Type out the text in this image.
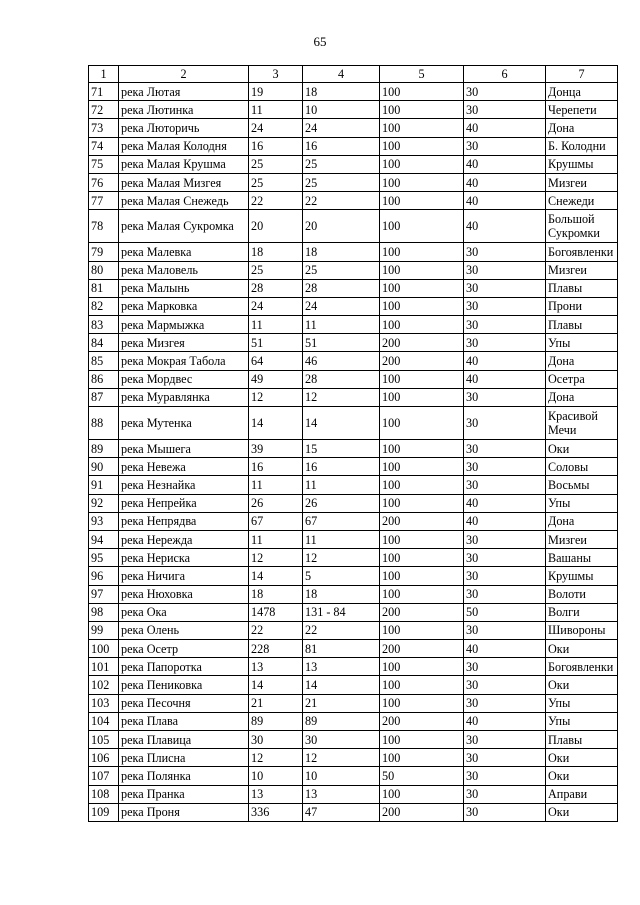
65
1	2	3	4	5	6	7
71	река Лютая	19	18	100	30	Донца
72	река Лютинка	11	10	100	30	Черепети
73	река Люторичь	24	24	100	40	Дона
74	река Малая Колодня	16	16	100	30	Б. Колодни
75	река Малая Крушма	25	25	100	40	Крушмы
76	река Малая Мизгея	25	25	100	40	Мизгеи
77	река Малая Снежедь	22	22	100	40	Снежеди
78	река Малая Сукромка	20	20	100	40	Большой Сукромки
79	река Малевка	18	18	100	30	Богоявленки
80	река Маловель	25	25	100	30	Мизгеи
81	река Малынь	28	28	100	30	Плавы
82	река Марковка	24	24	100	30	Прони
83	река Мармыжка	11	11	100	30	Плавы
84	река Мизгея	51	51	200	30	Упы
85	река Мокрая Табола	64	46	200	40	Дона
86	река Мордвес	49	28	100	40	Осетра
87	река Муравлянка	12	12	100	30	Дона
88	река Мутенка	14	14	100	30	Красивой Мечи
89	река Мышега	39	15	100	30	Оки
90	река Невежа	16	16	100	30	Соловы
91	река Незнайка	11	11	100	30	Восьмы
92	река Непрейка	26	26	100	40	Упы
93	река Непрядва	67	67	200	40	Дона
94	река Нережда	11	11	100	30	Мизгеи
95	река Нериска	12	12	100	30	Вашаны
96	река Ничига	14	5	100	30	Крушмы
97	река Нюховка	18	18	100	30	Волоти
98	река Ока	1478	131 - 84	200	50	Волги
99	река Олень	22	22	100	30	Шивороны
100	река Осетр	228	81	200	40	Оки
101	река Папоротка	13	13	100	30	Богоявленки
102	река Пениковка	14	14	100	30	Оки
103	река Песочня	21	21	100	30	Упы
104	река Плава	89	89	200	40	Упы
105	река Плавица	30	30	100	30	Плавы
106	река Плисна	12	12	100	30	Оки
107	река Полянка	10	10	50	30	Оки
108	река Пранка	13	13	100	30	Аправи
109	река Проня	336	47	200	30	Оки
